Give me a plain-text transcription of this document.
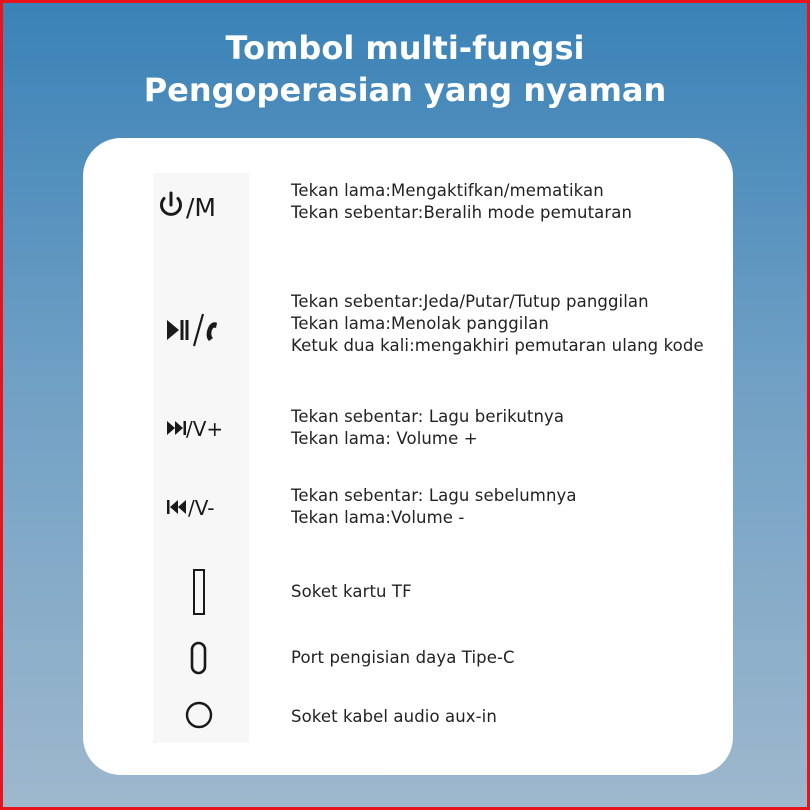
Tombol multi-fungsi
Pengoperasian yang nyaman
/M
Tekan lama:Mengaktifkan/mematikan
Tekan sebentar:Beralih mode pemutaran
Tekan sebentar:Jeda/Putar/Tutup panggilan
Tekan lama:Menolak panggilan
Ketuk dua kali:mengakhiri pemutaran ulang kode
/V+
Tekan sebentar: Lagu berikutnya
Tekan lama: Volume +
/V-
Tekan sebentar: Lagu sebelumnya
Tekan lama:Volume -
Soket kartu TF
Port pengisian daya Tipe-C
Soket kabel audio aux-in
